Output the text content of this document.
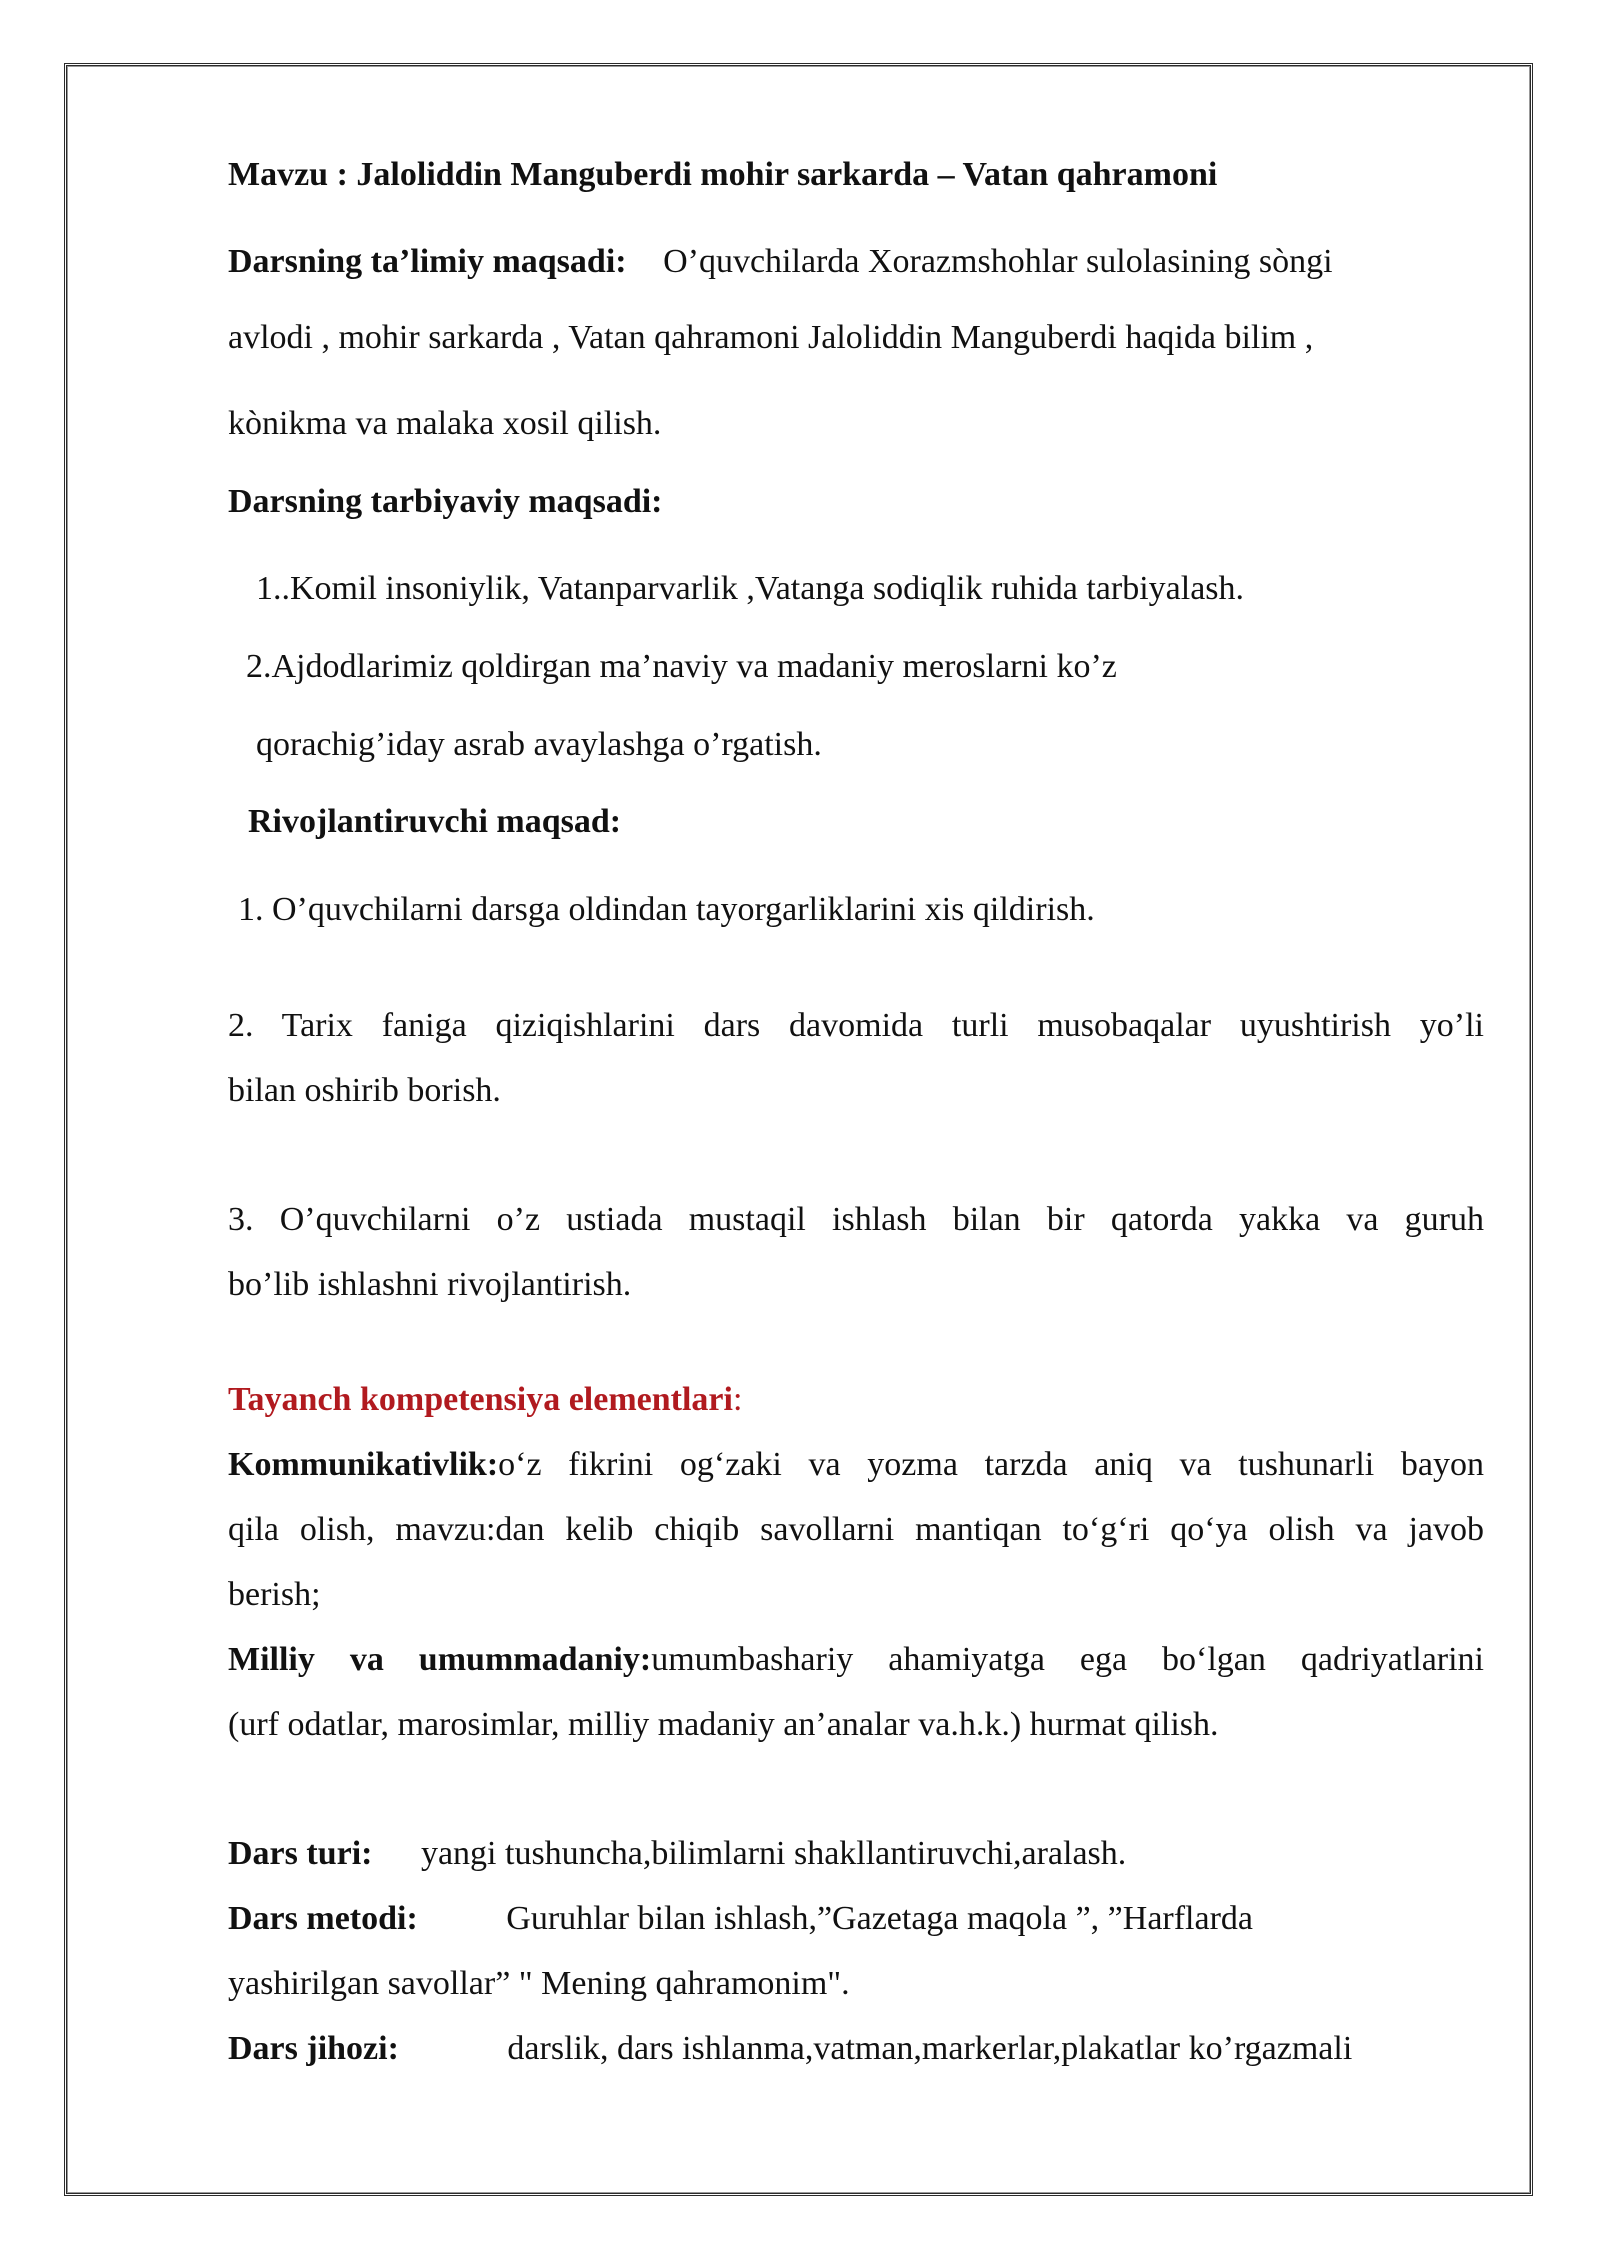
Mavzu : Jaloliddin Manguberdi mohir sarkarda – Vatan qahramoni
Darsning ta’limiy maqsadi: O’quvchilarda Xorazmshohlar sulolasining sòngi
avlodi , mohir sarkarda , Vatan qahramoni Jaloliddin Manguberdi haqida bilim ,
kònikma va malaka xosil qilish.
Darsning tarbiyaviy maqsadi:
1..Komil insoniylik, Vatanparvarlik ,Vatanga sodiqlik ruhida tarbiyalash.
2.Ajdodlarimiz qoldirgan ma’naviy va madaniy meroslarni ko’z
qorachig’iday asrab avaylashga o’rgatish.
Rivojlantiruvchi maqsad:
1. O’quvchilarni darsga oldindan tayorgarliklarini xis qildirish.
2. Tarix faniga qiziqishlarini dars davomida turli musobaqalar uyushtirish yo’li
bilan oshirib borish.
3. O’quvchilarni o’z ustiada mustaqil ishlash bilan bir qatorda yakka va guruh
bo’lib ishlashni rivojlantirish.
Tayanch kompetensiya elementlari:
Kommunikativlik:o‘z fikrini og‘zaki va yozma tarzda aniq va tushunarli bayon
qila olish, mavzu:dan kelib chiqib savollarni mantiqan to‘g‘ri qo‘ya olish va javob
berish;
Milliy va umummadaniy:umumbashariy ahamiyatga ega bo‘lgan qadriyatlarini
(urf odatlar, marosimlar, milliy madaniy an’analar va.h.k.) hurmat qilish.
Dars turi: yangi tushuncha,bilimlarni shakllantiruvchi,aralash.
Dars metodi:	Guruhlar bilan ishlash,”Gazetaga maqola ”, ”Harflarda
yashirilgan savollar” " Mening qahramonim".
Dars jihozi:	darslik, dars ishlanma,vatman,markerlar,plakatlar ko’rgazmali
